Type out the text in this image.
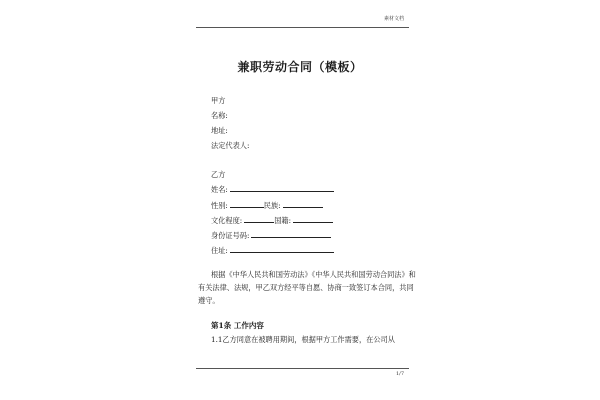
素材文档
兼职劳动合同（模板）
甲方
名称:
地址:
法定代表人:
乙方
姓名:
性别:	民族:
文化程度:	国籍:
身份证号码:
住址:
根据《中华人民共和国劳动法》《中华人民共和国劳动合同法》和有关法律、法规，甲乙双方经平等自愿、协商一致签订本合同，共同遵守。
第1条 工作内容
1.1乙方同意在被聘用期间，根据甲方工作需要，在公司从
1/7
